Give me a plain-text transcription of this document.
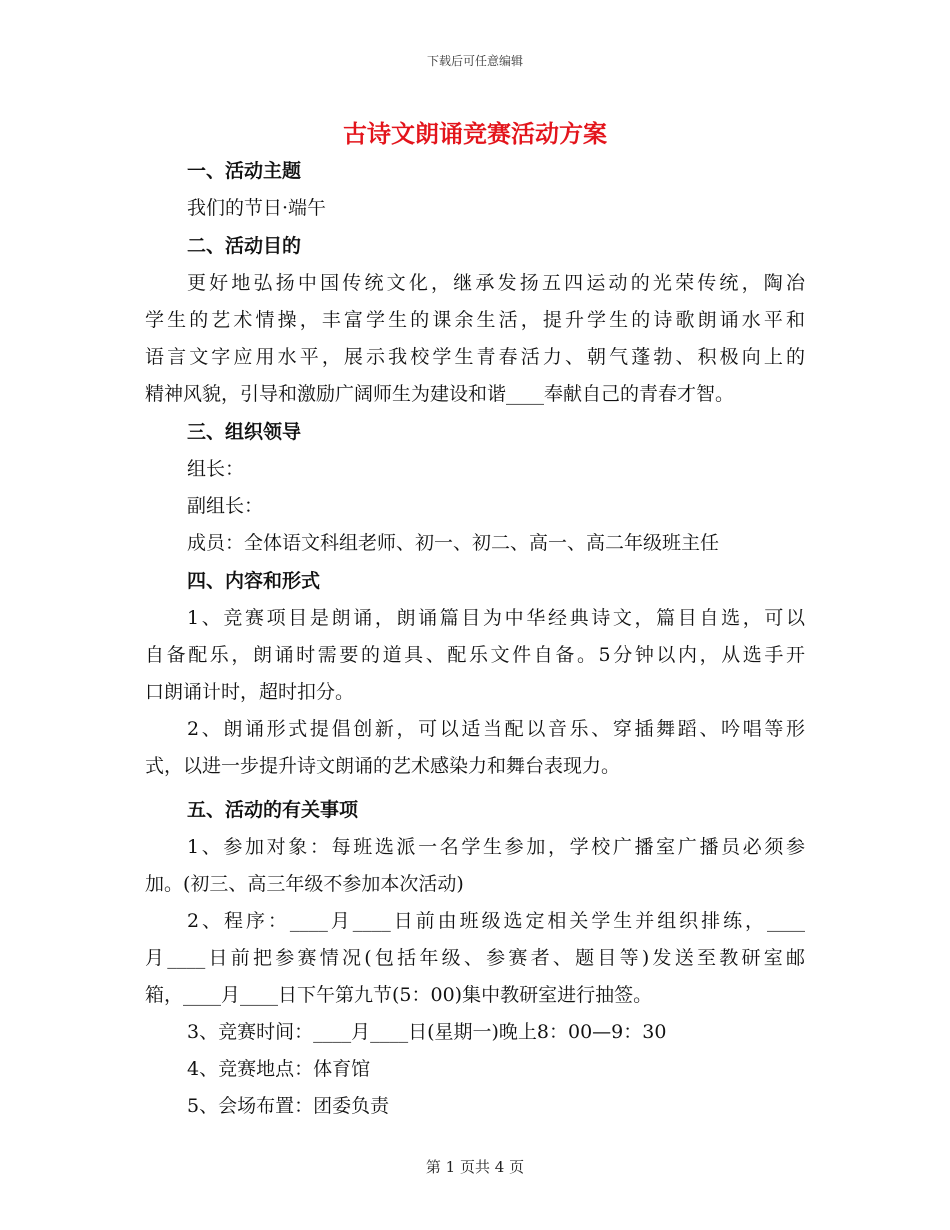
下载后可任意编辑
古诗文朗诵竞赛活动方案

一、活动主题

我们的节日·端午

二、活动目的

更好地弘扬中国传统文化，继承发扬五四运动的光荣传统，陶冶

学生的艺术情操，丰富学生的课余生活，提升学生的诗歌朗诵水平和

语言文字应用水平，展示我校学生青春活力、朝气蓬勃、积极向上的

精神风貌，引导和激励广阔师生为建设和谐____奉献自己的青春才智。

三、组织领导

组长：

副组长：

成员：全体语文科组老师、初一、初二、高一、高二年级班主任

四、内容和形式

1、竞赛项目是朗诵，朗诵篇目为中华经典诗文，篇目自选，可以

自备配乐，朗诵时需要的道具、配乐文件自备。5分钟以内，从选手开

口朗诵计时，超时扣分。

2、朗诵形式提倡创新，可以适当配以音乐、穿插舞蹈、吟唱等形

式，以进一步提升诗文朗诵的艺术感染力和舞台表现力。

五、活动的有关事项

1、参加对象：每班选派一名学生参加，学校广播室广播员必须参

加。(初三、高三年级不参加本次活动)

2、程序：____月____日前由班级选定相关学生并组织排练，____

月____日前把参赛情况(包括年级、参赛者、题目等)发送至教研室邮

箱，____月____日下午第九节(5：00)集中教研室进行抽签。

3、竞赛时间：____月____日(星期一)晚上8：00—9：30

4、竞赛地点：体育馆

5、会场布置：团委负责

第 1 页共 4 页
